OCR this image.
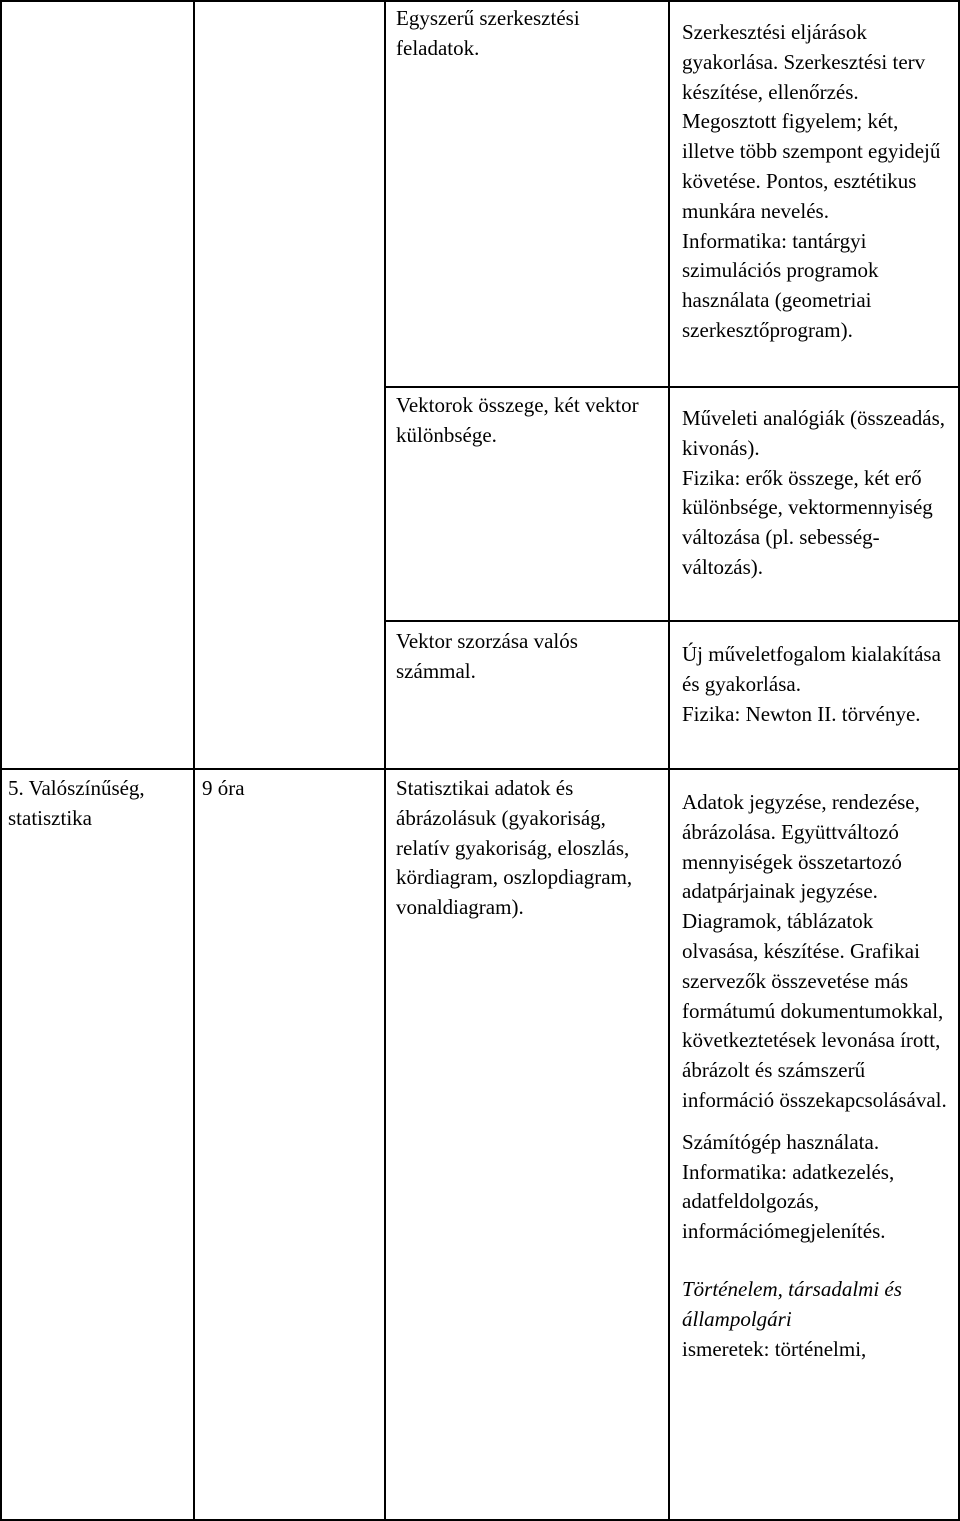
Egyszerű szerkesztési feladatok.

Szerkesztési eljárások gyakorlása. Szerkesztési terv készítése, ellenőrzés. Megosztott figyelem; két, illetve több szempont egyidejű követése. Pontos, esztétikus munkára nevelés.

Informatika: tantárgyi szimulációs programok használata (geometriai szerkesztőprogram).

Vektorok összege, két vektor különbsége.

Műveleti analógiák (összeadás, kivonás).

Fizika: erők összege, két erő különbsége, vektormennyiség változása (pl. sebesség-változás).

Vektor szorzása valós számmal.

Új műveletfogalom kialakítása és gyakorlása.

Fizika: Newton II. törvénye.

5. Valószínűség, statisztika

9 óra	Statisztikai adatok és ábrázolásuk (gyakoriság, relatív gyakoriság, eloszlás, kördiagram, oszlopdiagram, vonaldiagram).

Adatok jegyzése, rendezése, ábrázolása. Együttváltozó mennyiségek összetartozó adatpárjainak jegyzése. Diagramok, táblázatok olvasása, készítése. Grafikai szervezők összevetése más formátumú dokumentumokkal, következtetések levonása írott, ábrázolt és számszerű információ összekapcsolásával.

Számítógép használata. Informatika: adatkezelés, adatfeldolgozás, információmegjelenítés.

Történelem, társadalmi és állampolgári

ismeretek: történelmi,
